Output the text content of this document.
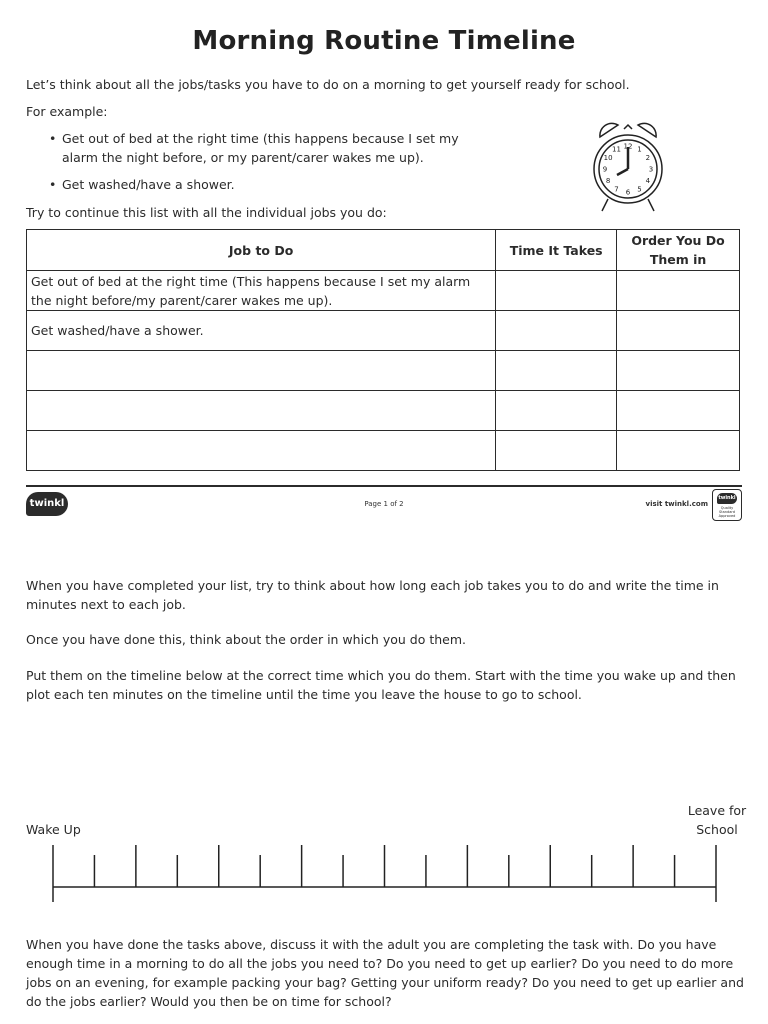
Morning Routine Timeline
Let’s think about all the jobs/tasks you have to do on a morning to get yourself ready for school.
For example:
• Get out of bed at the right time (this happens because I set my alarm the night before, or my parent/carer wakes me up).
• Get washed/have a shower.
12 1
2
3
4
5
6
7
8
9
10
11
Try to continue this list with all the individual jobs you do:
Job to Do	Time It Takes	Order You Do Them in
Get out of bed at the right time (This happens because I set my alarm the night before/my parent/carer wakes me up).		
Get washed/have a shower.		

twinkl	Page 1 of 2	visit twinkl.com
twinkl
Quality Standard Approved
When you have completed your list, try to think about how long each job takes you to do and write the time in minutes next to each job.
Once you have done this, think about the order in which you do them.
Put them on the timeline below at the correct time which you do them. Start with the time you wake up and then plot each ten minutes on the timeline until the time you leave the house to go to school.
Wake Up
Leave for School
When you have done the tasks above, discuss it with the adult you are completing the task with. Do you have enough time in a morning to do all the jobs you need to? Do you need to get up earlier? Do you need to do more jobs on an evening, for example packing your bag? Getting your uniform ready? Do you need to get up earlier and do the jobs earlier? Would you then be on time for school?
